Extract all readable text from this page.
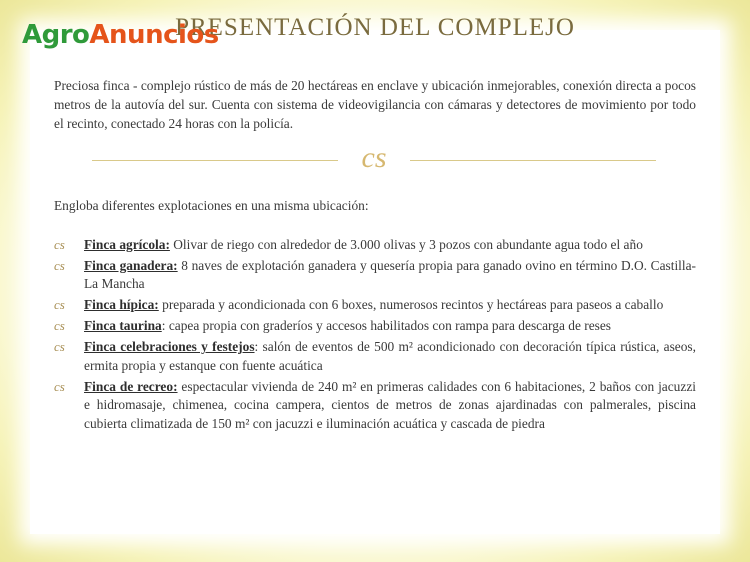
AgroAnuncios
PRESENTACIÓN DEL COMPLEJO
Preciosa finca - complejo rústico de más de 20 hectáreas en enclave y ubicación inmejorables, conexión directa a pocos metros de la autovía del sur. Cuenta con sistema de videovigilancia con cámaras y detectores de movimiento por todo el recinto, conectado 24 horas con la policía.
cs
Engloba diferentes explotaciones en una misma ubicación:
cs Finca agrícola: Olivar de riego con alrededor de 3.000 olivas y 3 pozos con abundante agua todo el año
cs Finca ganadera: 8 naves de explotación ganadera y quesería propia para ganado ovino en término D.O. Castilla-La Mancha
cs Finca hípica: preparada y acondicionada con 6 boxes, numerosos recintos y hectáreas para paseos a caballo
cs Finca taurina: capea propia con graderíos y accesos habilitados con rampa para descarga de reses
cs Finca celebraciones y festejos: salón de eventos de 500 m² acondicionado con decoración típica rústica, aseos, ermita propia y estanque con fuente acuática
cs Finca de recreo: espectacular vivienda de 240 m² en primeras calidades con 6 habitaciones, 2 baños con jacuzzi e hidromasaje, chimenea, cocina campera, cientos de metros de zonas ajardinadas con palmerales, piscina cubierta climatizada de 150 m² con jacuzzi e iluminación acuática y cascada de piedra
